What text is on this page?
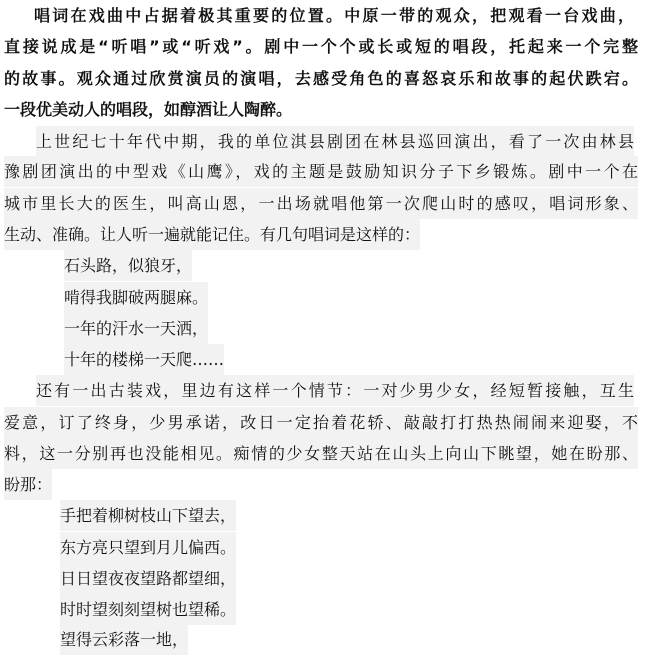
唱词在戏曲中占据着极其重要的位置。中原一带的观众，把观看一台戏曲，
直接说成是“听唱”或“听戏”。剧中一个个或长或短的唱段，托起来一个完整
的故事。观众通过欣赏演员的演唱，去感受角色的喜怒哀乐和故事的起伏跌宕。
一段优美动人的唱段，如醇酒让人陶醉。
上世纪七十年代中期，我的单位淇县剧团在林县巡回演出，看了一次由林县
豫剧团演出的中型戏《山鹰》，戏的主题是鼓励知识分子下乡锻炼。剧中一个在
城市里长大的医生，叫高山恩，一出场就唱他第一次爬山时的感叹，唱词形象、
生动、准确。让人听一遍就能记住。有几句唱词是这样的：
石头路，似狼牙，
啃得我脚破两腿麻。
一年的汗水一天洒，
十年的楼梯一天爬……
还有一出古装戏，里边有这样一个情节：一对少男少女，经短暂接触，互生
爱意，订了终身，少男承诺，改日一定抬着花轿、敲敲打打热热闹闹来迎娶，不
料，这一分别再也没能相见。痴情的少女整天站在山头上向山下眺望，她在盼那、
盼那：
手把着柳树枝山下望去，
东方亮只望到月儿偏西。
日日望夜夜望路都望细，
时时望刻刻望树也望稀。
望得云彩落一地，
